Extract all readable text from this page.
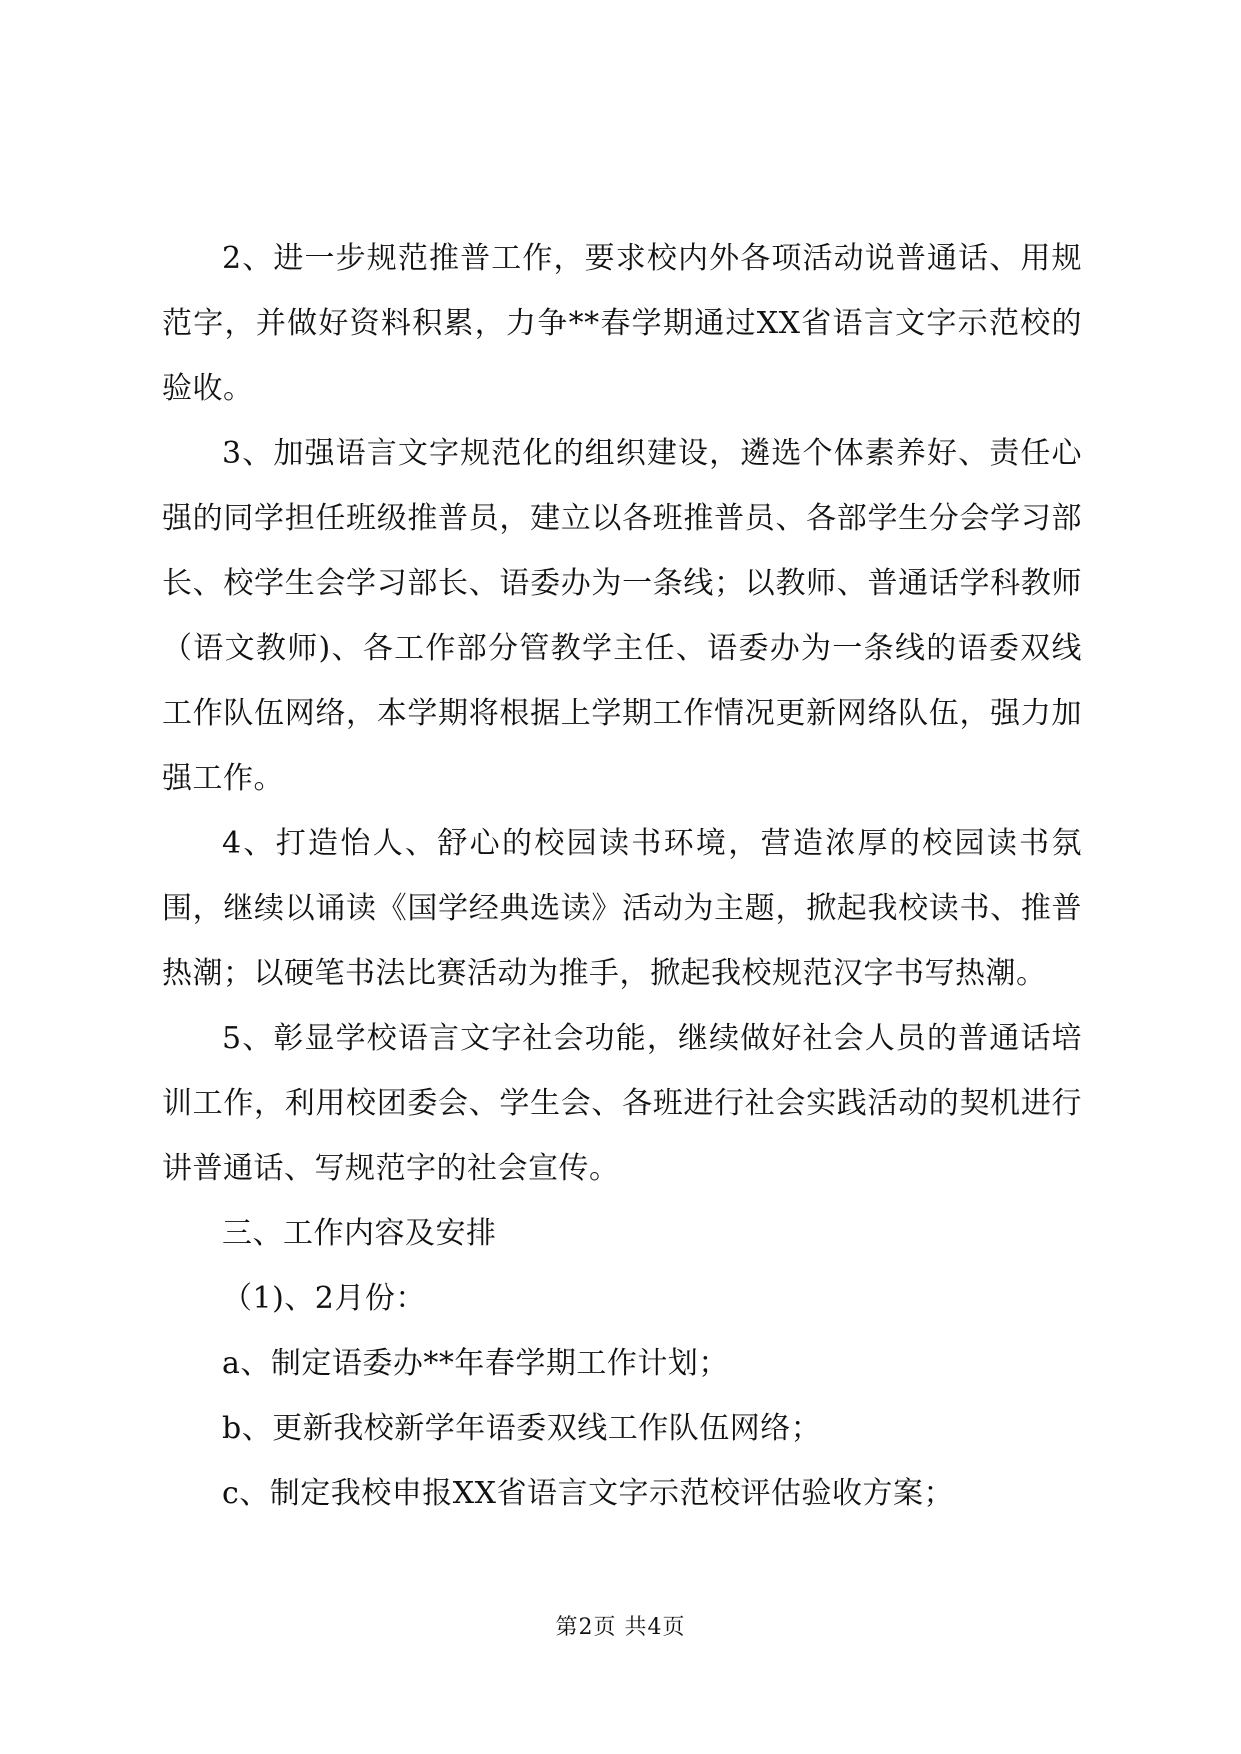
2、进一步规范推普工作，要求校内外各项活动说普通话、用规范字，并做好资料积累，力争**春学期通过XX省语言文字示范校的验收。

3、加强语言文字规范化的组织建设，遴选个体素养好、责任心强的同学担任班级推普员，建立以各班推普员、各部学生分会学习部长、校学生会学习部长、语委办为一条线；以教师、普通话学科教师（语文教师)、各工作部分管教学主任、语委办为一条线的语委双线工作队伍网络，本学期将根据上学期工作情况更新网络队伍，强力加强工作。

4、打造怡人、舒心的校园读书环境，营造浓厚的校园读书氛围，继续以诵读《国学经典选读》活动为主题，掀起我校读书、推普热潮；以硬笔书法比赛活动为推手，掀起我校规范汉字书写热潮。

5、彰显学校语言文字社会功能，继续做好社会人员的普通话培训工作，利用校团委会、学生会、各班进行社会实践活动的契机进行讲普通话、写规范字的社会宣传。

三、工作内容及安排

（1)、2月份：

a、制定语委办**年春学期工作计划；

b、更新我校新学年语委双线工作队伍网络；

c、制定我校申报XX省语言文字示范校评估验收方案；

第2页 共4页
